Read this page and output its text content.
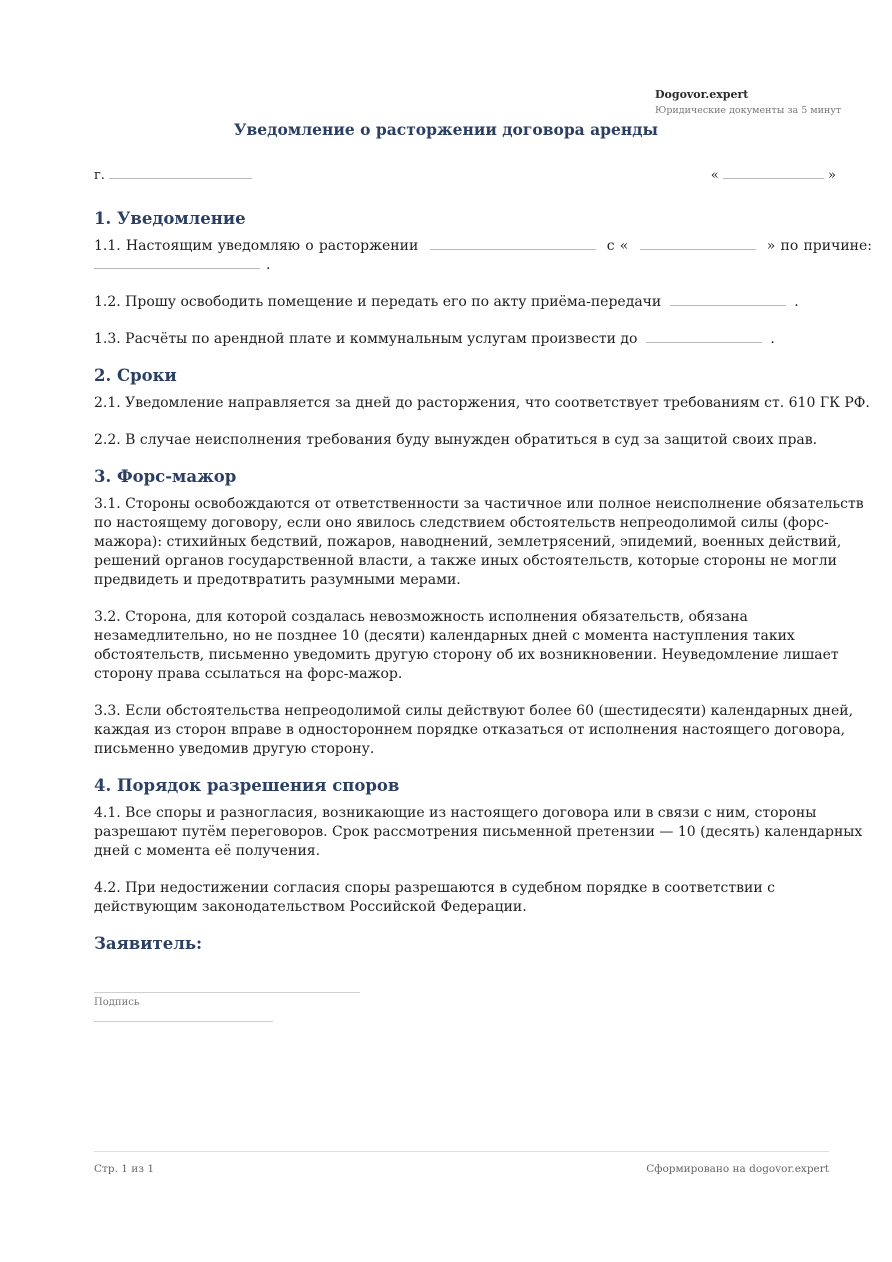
Dogovor.expert
Юридические документы за 5 минут
Уведомление о расторжении договора аренды
г.	«	»
1. Уведомление

1.1. Настоящим уведомляю о расторжении	с «	» по причине: .

1.2. Прошу освободить помещение и передать его по акту приёма-передачи	.

1.3. Расчёты по арендной плате и коммунальным услугам произвести до	.

2. Сроки

2.1. Уведомление направляется за дней до расторжения, что соответствует требованиям ст. 610 ГК РФ.

2.2. В случае неисполнения требования буду вынужден обратиться в суд за защитой своих прав.

3. Форс-мажор

3.1. Стороны освобождаются от ответственности за частичное или полное неисполнение обязательств по настоящему договору, если оно явилось следствием обстоятельств непреодолимой силы (форс-мажора): стихийных бедствий, пожаров, наводнений, землетрясений, эпидемий, военных действий, решений органов государственной власти, а также иных обстоятельств, которые стороны не могли предвидеть и предотвратить разумными мерами.

3.2. Сторона, для которой создалась невозможность исполнения обязательств, обязана незамедлительно, но не позднее 10 (десяти) календарных дней с момента наступления таких обстоятельств, письменно уведомить другую сторону об их возникновении. Неуведомление лишает сторону права ссылаться на форс-мажор.

3.3. Если обстоятельства непреодолимой силы действуют более 60 (шестидесяти) календарных дней, каждая из сторон вправе в одностороннем порядке отказаться от исполнения настоящего договора, письменно уведомив другую сторону.

4. Порядок разрешения споров

4.1. Все споры и разногласия, возникающие из настоящего договора или в связи с ним, стороны разрешают путём переговоров. Срок рассмотрения письменной претензии — 10 (десять) календарных дней с момента её получения.

4.2. При недостижении согласия споры разрешаются в судебном порядке в соответствии с действующим законодательством Российской Федерации.

Заявитель:
Подпись
Стр. 1 из 1	Сформировано на dogovor.expert
